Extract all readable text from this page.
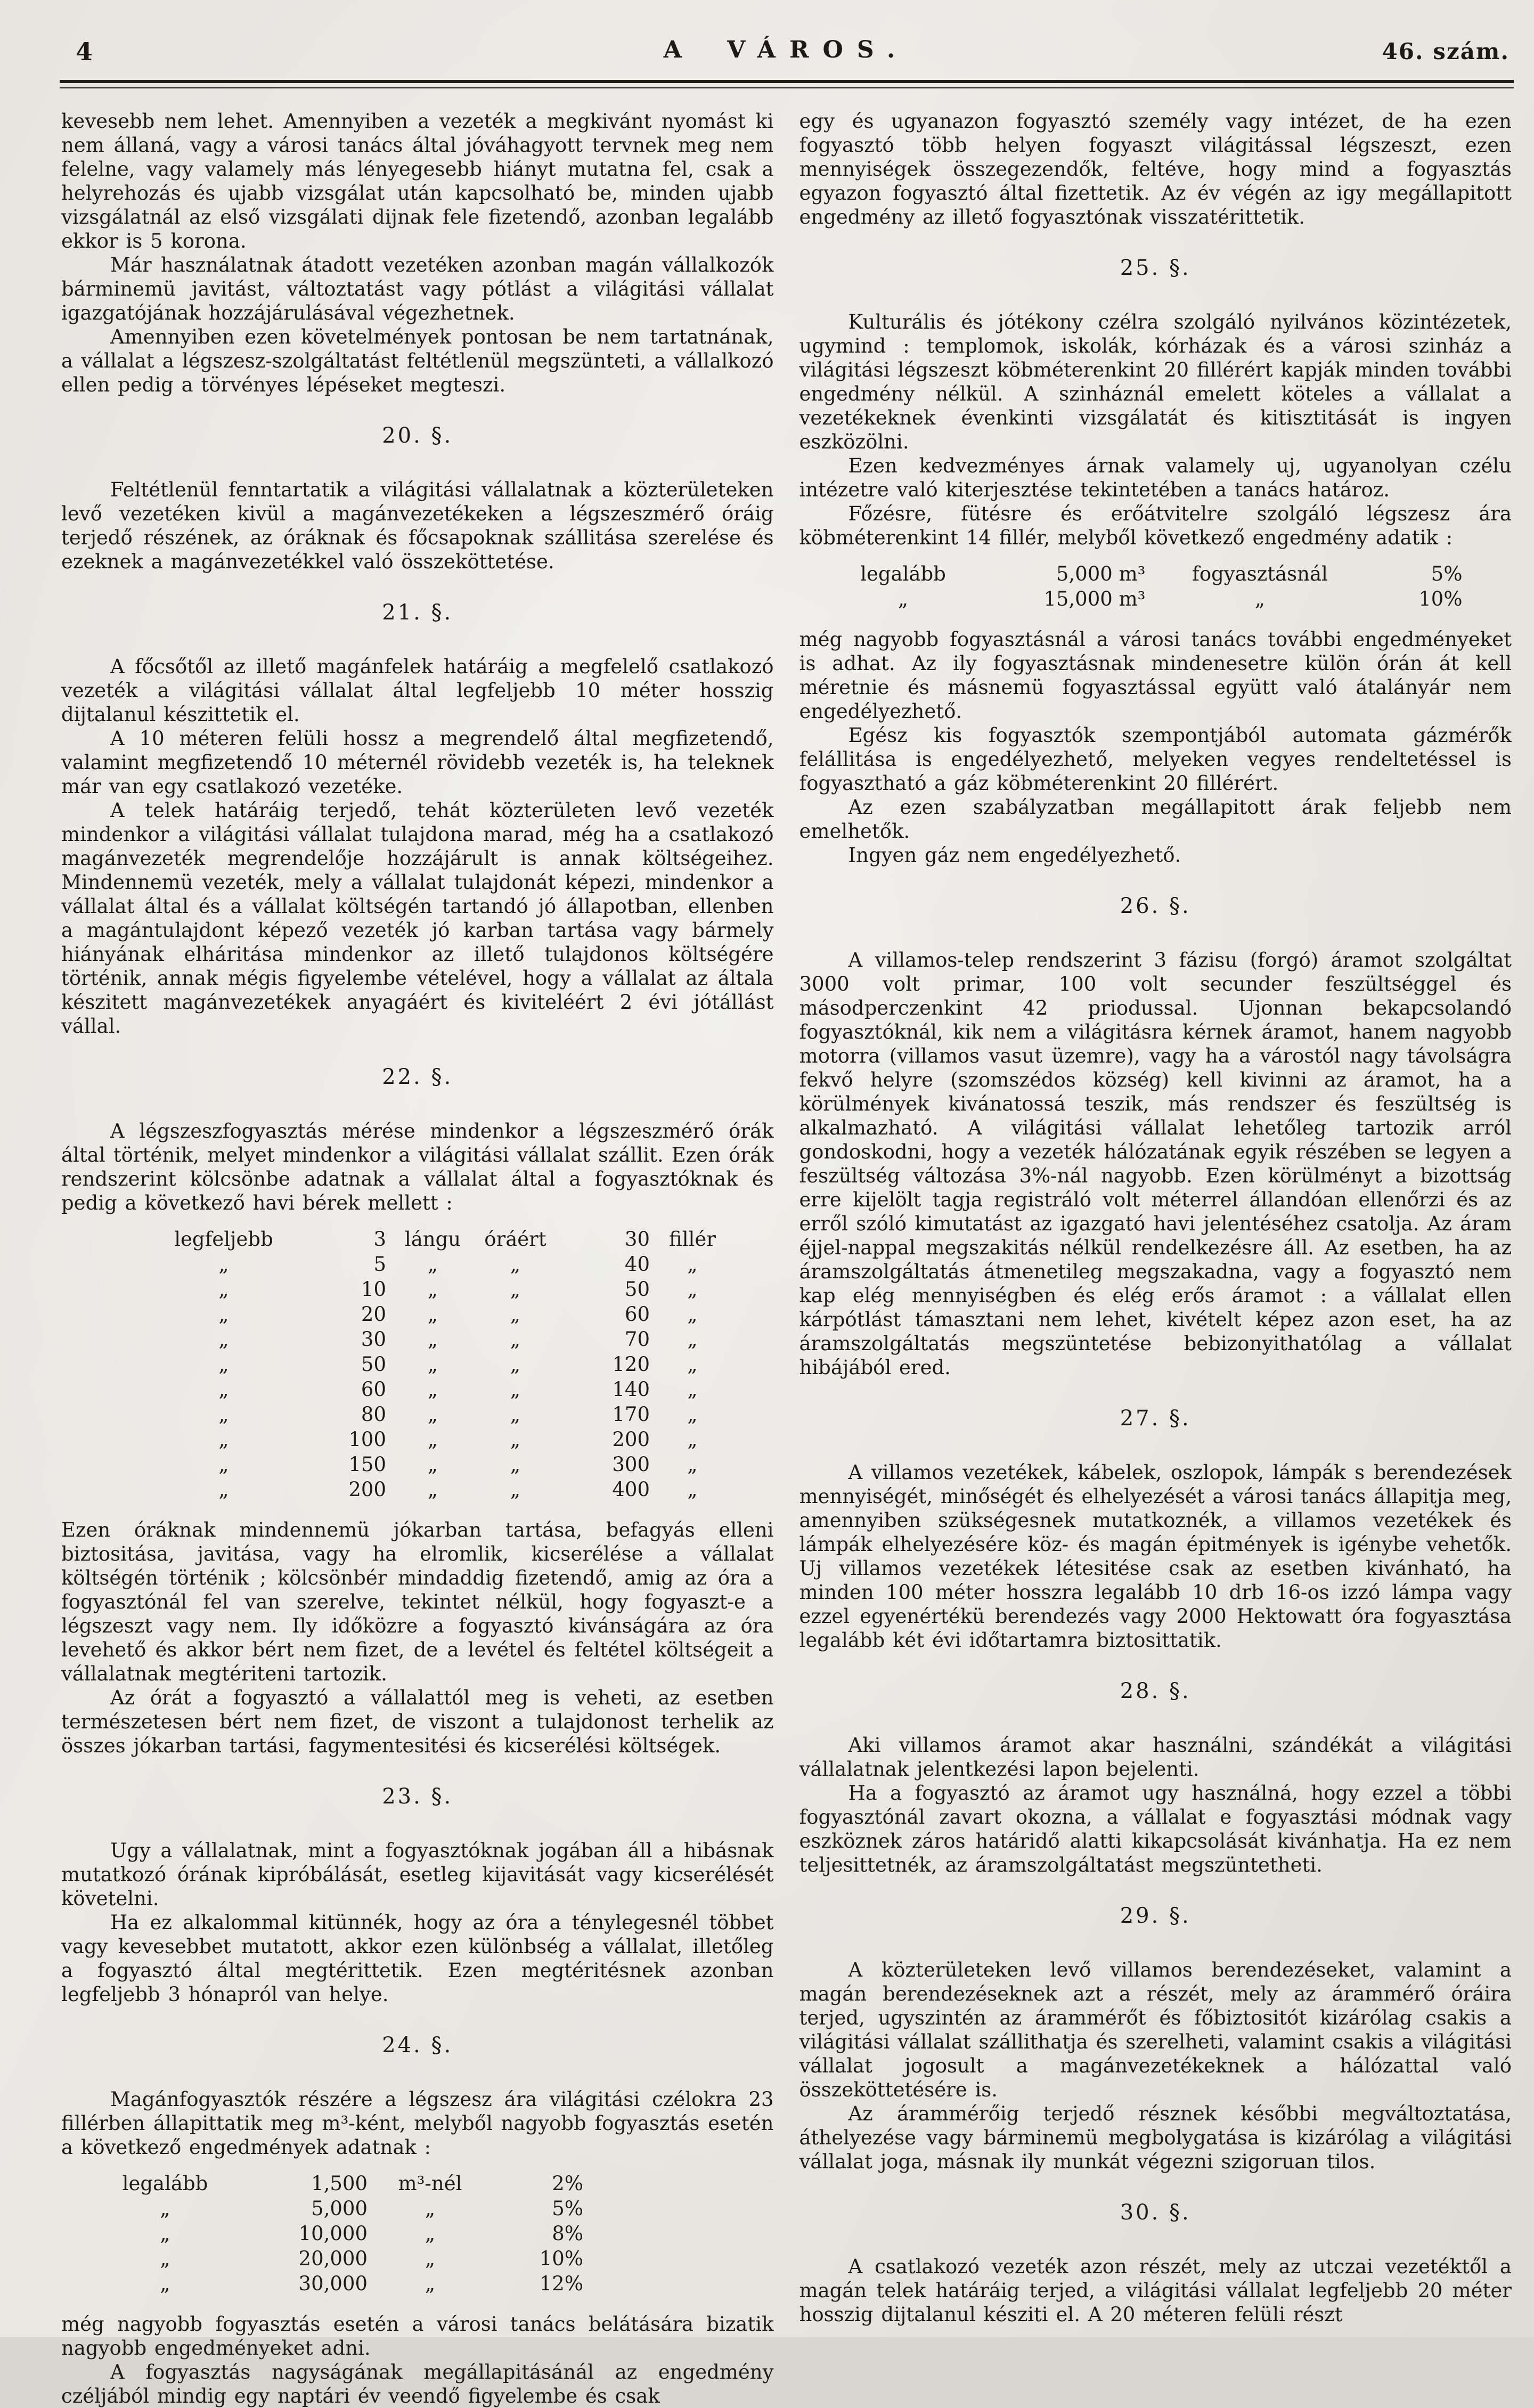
4	A VÁROS.	46. szám.

kevesebb nem lehet. Amennyiben a vezeték a megkivánt nyomást ki nem állaná, vagy a városi tanács által jóváhagyott tervnek meg nem felelne, vagy valamely más lényegesebb hiányt mutatna fel, csak a helyrehozás és ujabb vizsgálat után kapcsolható be, minden ujabb vizsgálatnál az első vizsgálati dijnak fele fizetendő, azonban legalább ekkor is 5 korona.

Már használatnak átadott vezetéken azonban magán vállalkozók bárminemü javitást, változtatást vagy pótlást a világitási vállalat igazgatójának hozzájárulásával végezhetnek.

Amennyiben ezen követelmények pontosan be nem tartatnának, a vállalat a légszesz-szolgáltatást feltétlenül megszünteti, a vállalkozó ellen pedig a törvényes lépéseket megteszi.

20. §.

Feltétlenül fenntartatik a világitási vállalatnak a közterületeken levő vezetéken kivül a magánvezetékeken a légszeszmérő óráig terjedő részének, az óráknak és főcsapoknak szállitása szerelése és ezeknek a magánvezetékkel való összeköttetése.

21. §.

A főcsőtől az illető magánfelek határáig a megfelelő csatlakozó vezeték a világitási vállalat által legfeljebb 10 méter hosszig dijtalanul készittetik el.

A 10 méteren felüli hossz a megrendelő által megfizetendő, valamint megfizetendő 10 méternél rövidebb vezeték is, ha teleknek már van egy csatlakozó vezetéke.

A telek határáig terjedő, tehát közterületen levő vezeték mindenkor a világitási vállalat tulajdona marad, még ha a csatlakozó magánvezeték megrendelője hozzájárult is annak költségeihez. Mindennemü vezeték, mely a vállalat tulajdonát képezi, mindenkor a vállalat által és a vállalat költségén tartandó jó állapotban, ellenben a magántulajdont képező vezeték jó karban tartása vagy bármely hiányának elháritása mindenkor az illető tulajdonos költségére történik, annak mégis figyelembe vételével, hogy a vállalat az általa készitett magánvezetékek anyagáért és kiviteléért 2 évi jótállást vállal.

22. §.

A légszeszfogyasztás mérése mindenkor a légszeszmérő órák által történik, melyet mindenkor a világitási vállalat szállit. Ezen órák rendszerint kölcsönbe adatnak a vállalat által a fogyasztóknak és pedig a következő havi bérek mellett :

legfeljebb	3 lángu	óráért	30 fillér
„	5	„	„	40	„
„	10	„	„	50	„
„	20	„	„	60	„
„	30	„	„	70	„
„	50	„	„	120	„
„	60	„	„	140	„
„	80	„	„	170	„
„	100	„	„	200	„
„	150	„	„	300	„
„	200	„	„	400	„

Ezen óráknak mindennemü jókarban tartása, befagyás elleni biztositása, javitása, vagy ha elromlik, kicserélése a vállalat költségén történik ; kölcsönbér mindaddig fizetendő, amig az óra a fogyasztónál fel van szerelve, tekintet nélkül, hogy fogyaszt-e a légszeszt vagy nem. Ily időközre a fogyasztó kivánságára az óra levehető és akkor bért nem fizet, de a levétel és feltétel költségeit a vállalatnak megtériteni tartozik.

Az órát a fogyasztó a vállalattól meg is veheti, az esetben természetesen bért nem fizet, de viszont a tulajdonost terhelik az összes jókarban tartási, fagymentesitési és kicserélési költségek.

23. §.

Ugy a vállalatnak, mint a fogyasztóknak jogában áll a hibásnak mutatkozó órának kipróbálását, esetleg kijavitását vagy kicserélését követelni.

Ha ez alkalommal kitünnék, hogy az óra a ténylegesnél többet vagy kevesebbet mutatott, akkor ezen különbség a vállalat, illetőleg a fogyasztó által megtérittetik. Ezen megtéritésnek azonban legfeljebb 3 hónapról van helye.

24. §.

Magánfogyasztók részére a légszesz ára világitási czélokra 23 fillérben állapittatik meg m³-ként, melyből nagyobb fogyasztás esetén a következő engedmények adatnak :

legalább	1,500	m³-nél	2%
„	5,000	„	5%
„	10,000	„	8%
„	20,000	„	10%
„	30,000	„	12%

még nagyobb fogyasztás esetén a városi tanács belátására bizatik nagyobb engedményeket adni.

A fogyasztás nagyságának megállapitásánál az engedmény czéljából mindig egy naptári év veendő figyelembe és csak

egy és ugyanazon fogyasztó személy vagy intézet, de ha ezen fogyasztó több helyen fogyaszt világitással légszeszt, ezen mennyiségek összegezendők, feltéve, hogy mind a fogyasztás egyazon fogyasztó által fizettetik. Az év végén az igy megállapitott engedmény az illető fogyasztónak visszatérittetik.

25. §.

Kulturális és jótékony czélra szolgáló nyilvános közintézetek, ugymind : templomok, iskolák, kórházak és a városi szinház a világitási légszeszt köbméterenkint 20 fillérért kapják minden további engedmény nélkül. A szinháznál emelett köteles a vállalat a vezetékeknek évenkinti vizsgálatát és kitisztitását is ingyen eszközölni.

Ezen kedvezményes árnak valamely uj, ugyanolyan czélu intézetre való kiterjesztése tekintetében a tanács határoz.

Főzésre, fütésre és erőátvitelre szolgáló légszesz ára köbméterenkint 14 fillér, melyből következő engedmény adatik :

legalább	5,000 m³	fogyasztásnál	5%
„	15,000 m³	„	10%

még nagyobb fogyasztásnál a városi tanács további engedményeket is adhat. Az ily fogyasztásnak mindenesetre külön órán át kell méretnie és másnemü fogyasztással együtt való átalányár nem engedélyezhető.

Egész kis fogyasztók szempontjából automata gázmérők felállitása is engedélyezhető, melyeken vegyes rendeltetéssel is fogyasztható a gáz köbméterenkint 20 fillérért.

Az ezen szabályzatban megállapitott árak feljebb nem emelhetők.

Ingyen gáz nem engedélyezhető.

26. §.

A villamos-telep rendszerint 3 fázisu (forgó) áramot szolgáltat 3000 volt primar, 100 volt secunder feszültséggel és másodperczenkint 42 priodussal. Ujonnan bekapcsolandó fogyasztóknál, kik nem a világitásra kérnek áramot, hanem nagyobb motorra (villamos vasut üzemre), vagy ha a várostól nagy távolságra fekvő helyre (szomszédos község) kell kivinni az áramot, ha a körülmények kivánatossá teszik, más rendszer és feszültség is alkalmazható. A világitási vállalat lehetőleg tartozik arról gondoskodni, hogy a vezeték hálózatának egyik részében se legyen a feszültség változása 3%-nál nagyobb. Ezen körülményt a bizottság erre kijelölt tagja registráló volt méterrel állandóan ellenőrzi és az erről szóló kimutatást az igazgató havi jelentéséhez csatolja. Az áram éjjel-nappal megszakitás nélkül rendelkezésre áll. Az esetben, ha az áramszolgáltatás átmenetileg megszakadna, vagy a fogyasztó nem kap elég mennyiségben és elég erős áramot : a vállalat ellen kárpótlást támasztani nem lehet, kivételt képez azon eset, ha az áramszolgáltatás megszüntetése bebizonyithatólag a vállalat hibájából ered.

27. §.

A villamos vezetékek, kábelek, oszlopok, lámpák s berendezések mennyiségét, minőségét és elhelyezését a városi tanács állapitja meg, amennyiben szükségesnek mutatkoznék, a villamos vezetékek és lámpák elhelyezésére köz- és magán épitmények is igénybe vehetők. Uj villamos vezetékek létesitése csak az esetben kivánható, ha minden 100 méter hosszra legalább 10 drb 16-os izzó lámpa vagy ezzel egyenértékü berendezés vagy 2000 Hektowatt óra fogyasztása legalább két évi időtartamra biztosittatik.

28. §.

Aki villamos áramot akar használni, szándékát a világitási vállalatnak jelentkezési lapon bejelenti.

Ha a fogyasztó az áramot ugy használná, hogy ezzel a többi fogyasztónál zavart okozna, a vállalat e fogyasztási módnak vagy eszköznek záros határidő alatti kikapcsolását kivánhatja. Ha ez nem teljesittetnék, az áramszolgáltatást megszüntetheti.

29. §.

A közterületeken levő villamos berendezéseket, valamint a magán berendezéseknek azt a részét, mely az árammérő óráira terjed, ugyszintén az árammérőt és főbiztositót kizárólag csakis a világitási vállalat szállithatja és szerelheti, valamint csakis a világitási vállalat jogosult a magánvezetékeknek a hálózattal való összeköttetésére is.

Az árammérőig terjedő résznek későbbi megváltoztatása, áthelyezése vagy bárminemü megbolygatása is kizárólag a világitási vállalat joga, másnak ily munkát végezni szigoruan tilos.

30. §.

A csatlakozó vezeték azon részét, mely az utczai vezetéktől a magán telek határáig terjed, a világitási vállalat legfeljebb 20 méter hosszig dijtalanul késziti el. A 20 méteren felüli részt
